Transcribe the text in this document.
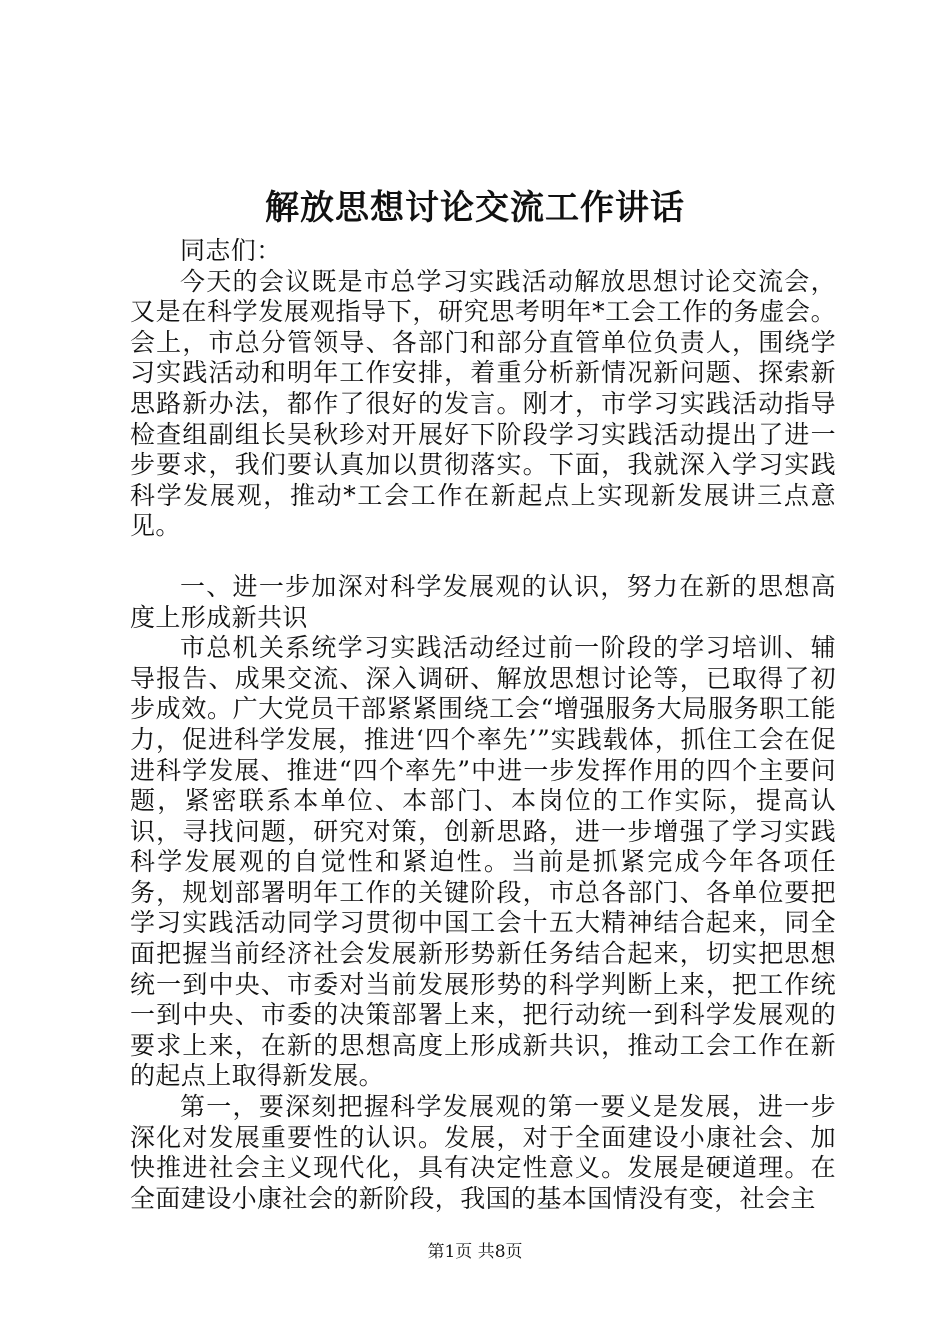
解放思想讨论交流工作讲话

同志们：

今天的会议既是市总学习实践活动解放思想讨论交流会，又是在科学发展观指导下，研究思考明年*工会工作的务虚会。会上，市总分管领导、各部门和部分直管单位负责人，围绕学习实践活动和明年工作安排，着重分析新情况新问题、探索新思路新办法，都作了很好的发言。刚才，市学习实践活动指导检查组副组长吴秋珍对开展好下阶段学习实践活动提出了进一步要求，我们要认真加以贯彻落实。下面，我就深入学习实践科学发展观，推动*工会工作在新起点上实现新发展讲三点意见。

一、进一步加深对科学发展观的认识，努力在新的思想高度上形成新共识

市总机关系统学习实践活动经过前一阶段的学习培训、辅导报告、成果交流、深入调研、解放思想讨论等，已取得了初步成效。广大党员干部紧紧围绕工会“增强服务大局服务职工能力，促进科学发展，推进‘四个率先’”实践载体，抓住工会在促进科学发展、推进“四个率先”中进一步发挥作用的四个主要问题，紧密联系本单位、本部门、本岗位的工作实际，提高认识，寻找问题，研究对策，创新思路，进一步增强了学习实践科学发展观的自觉性和紧迫性。当前是抓紧完成今年各项任务，规划部署明年工作的关键阶段，市总各部门、各单位要把学习实践活动同学习贯彻中国工会十五大精神结合起来，同全面把握当前经济社会发展新形势新任务结合起来，切实把思想统一到中央、市委对当前发展形势的科学判断上来，把工作统一到中央、市委的决策部署上来，把行动统一到科学发展观的要求上来，在新的思想高度上形成新共识，推动工会工作在新的起点上取得新发展。

第一，要深刻把握科学发展观的第一要义是发展，进一步深化对发展重要性的认识。发展，对于全面建设小康社会、加快推进社会主义现代化，具有决定性意义。发展是硬道理。在全面建设小康社会的新阶段，我国的基本国情没有变，社会主

第1页 共8页
